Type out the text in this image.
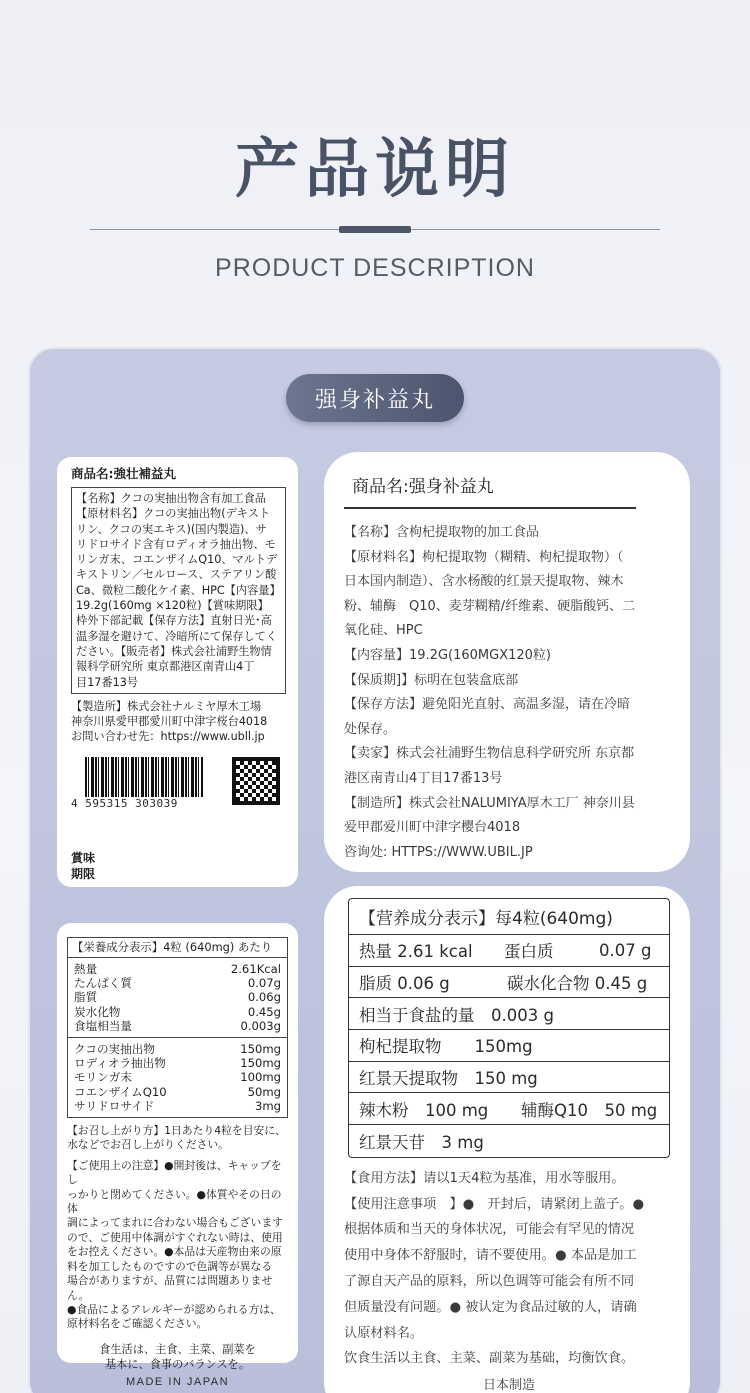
产品说明
PRODUCT DESCRIPTION
强身补益丸
商品名:強壮補益丸
【名称】クコの実抽出物含有加工食品
【原材料名】クコの実抽出物(デキスト
リン、クコの実エキス)(国内製造)、サ
リドロサイド含有ロディオラ抽出物、モ
リンガ末、コエンザイムQ10、マルトデ
キストリン／セルロース、ステアリン酸
Ca、微粒二酸化ケイ素、HPC【内容量】
19.2g(160mg ×120粒)【賞味期限】
枠外下部記載【保存方法】直射日光･高
温多湿を避けて、冷暗所にて保存してく
ださい。【販売者】株式会社浦野生物情
報科学研究所 東京都港区南青山4丁
目17番13号
【製造所】株式会社ナルミヤ厚木工場
神奈川県愛甲郡愛川町中津字桜台4018
お問い合わせ先：https://www.ubll.jp
4 595315 303039
賞味
期限
商品名:强身补益丸
【名称】含枸杞提取物的加工食品
【原材料名】枸杞提取物（糊精、枸杞提取物）（
日本国内制造）、含水杨酸的红景天提取物、辣木
粉、辅酶　Q10、麦芽糊精/纤维素、硬脂酸钙、二
氧化硅、HPC
【内容量】19.2G(160MGX120粒)
【保质期]】标明在包装盒底部
【保存方法】避免阳光直射、高温多湿，请在冷暗
处保存。
【卖家】株式会社浦野生物信息科学研究所 东京都
港区南青山4丁目17番13号
【制造所】株式会社NALUMIYA厚木工厂 神奈川县
爱甲郡爱川町中津字樱台4018
咨询处: HTTPS://WWW.UBIL.JP
【栄養成分表示】4粒 (640mg) あたり
熱量	2.61Kcal
たんぱく質	0.07g
脂質	0.06g
炭水化物	0.45g
食塩相当量	0.003g
クコの実抽出物	150mg
ロディオラ抽出物	150mg
モリンガ末	100mg
コエンザイムQ10	50mg
サリドロサイド	3mg
【お召し上がり方】1日あたり4粒を目安に、
水などでお召し上がりください。
【ご使用上の注意】●開封後は、キャップをし
っかりと閉めてください。●体質やその日の体
調によってまれに合わない場合もございます
ので、ご使用中体調がすぐれない時は、使用
をお控えください。●本品は天産物由来の原
料を加工したものですので色調等が異なる
場合がありますが、品質には問題ありません。
●食品によるアレルギーが認められる方は、
原材料名をご確認ください。
食生活は、主食、主菜、副菜を
基本に、食事のバランスを。
MADE IN JAPAN
【营养成分表示】每4粒(640mg)
热量 2.61 kcal	蛋白质	0.07 g
脂质 0.06 g	碳水化合物 0.45 g
相当于食盐的量　0.003 g
枸杞提取物　　150mg
红景天提取物　150 mg
辣木粉　100 mg	辅酶Q10　50 mg
红景天苷　3 mg
【食用方法】请以1天4粒为基准，用水等服用。
【使用注意事项　】●　开封后，请紧闭上盖子。●
根据体质和当天的身体状况，可能会有罕见的情况
使用中身体不舒服时，请不要使用。● 本品是加工
了源自天产品的原料，所以色调等可能会有所不同
但质量没有问题。● 被认定为食品过敏的人，请确
认原材料名。
饮食生活以主食、主菜、副菜为基础，均衡饮食。
日本制造
